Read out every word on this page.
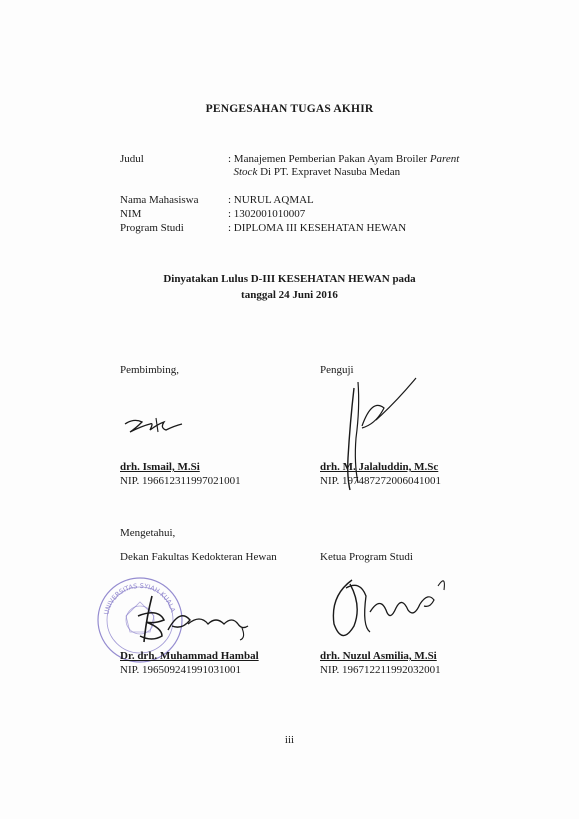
PENGESAHAN TUGAS AKHIR
Judul	: Manajemen Pemberian Pakan Ayam Broiler Parent
Stock Di PT. Expravet Nasuba Medan
Nama Mahasiswa	: NURUL AQMAL
NIM	: 1302001010007
Program Studi	: DIPLOMA III KESEHATAN HEWAN
Dinyatakan Lulus D-III KESEHATAN HEWAN pada
tanggal 24 Juni 2016
Pembimbing,
drh. Ismail, M.Si
NIP. 196612311997021001
Penguji
drh. M. Jalaluddin, M.Sc
NIP. 197487272006041001
Mengetahui,
Dekan Fakultas Kedokteran Hewan
UNIVERSITAS SYIAH KUALA
Dr. drh. Muhammad Hambal
NIP. 196509241991031001
Ketua Program Studi
drh. Nuzul Asmilia, M.Si
NIP. 196712211992032001
iii
